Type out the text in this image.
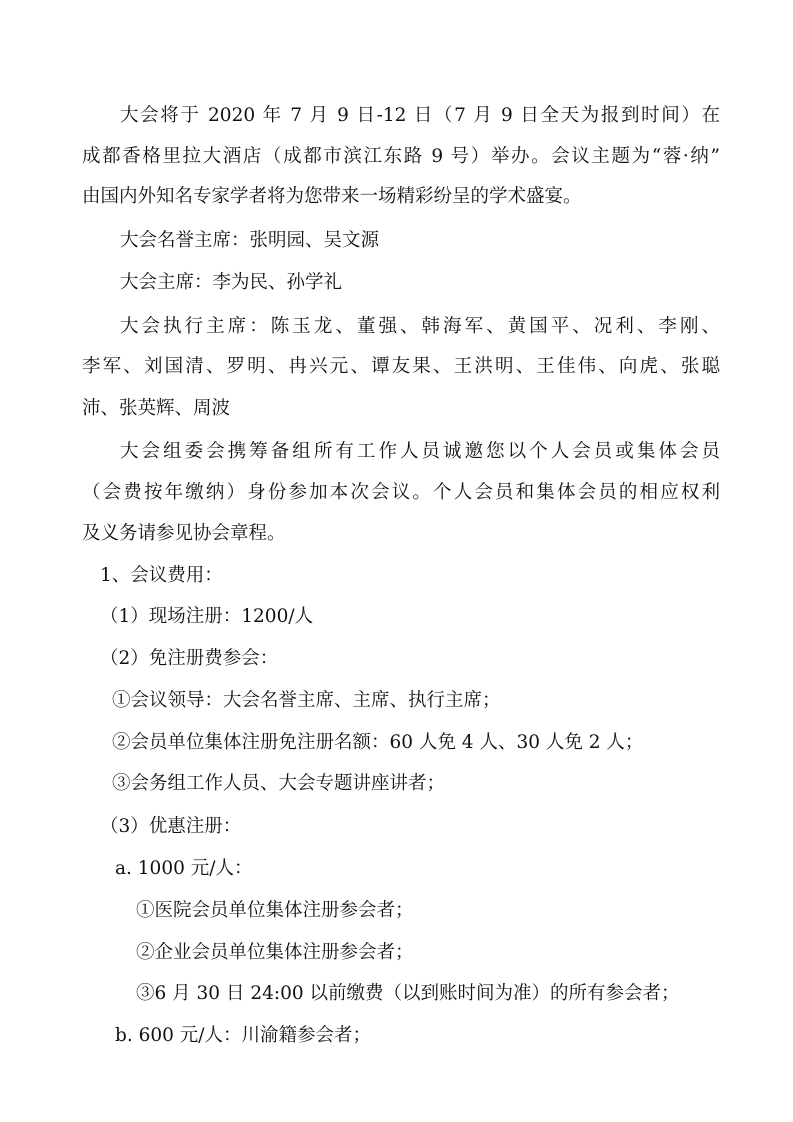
大会将于 2020 年 7 月 9 日-12 日（7 月 9 日全天为报到时间）在
成都香格里拉大酒店（成都市滨江东路 9 号）举办。会议主题为“蓉·纳”
由国内外知名专家学者将为您带来一场精彩纷呈的学术盛宴。
大会名誉主席：张明园、吴文源
大会主席：李为民、孙学礼
大会执行主席：陈玉龙、董强、韩海军、黄国平、况利、李刚、
李军、刘国清、罗明、冉兴元、谭友果、王洪明、王佳伟、向虎、张聪
沛、张英辉、周波
大会组委会携筹备组所有工作人员诚邀您以个人会员或集体会员
（会费按年缴纳）身份参加本次会议。个人会员和集体会员的相应权利
及义务请参见协会章程。
1、会议费用：
（1）现场注册：1200/人
（2）免注册费参会：
①会议领导：大会名誉主席、主席、执行主席；
②会员单位集体注册免注册名额：60 人免 4 人、30 人免 2 人；
③会务组工作人员、大会专题讲座讲者；
（3）优惠注册：
a. 1000 元/人：
①医院会员单位集体注册参会者；
②企业会员单位集体注册参会者；
③6 月 30 日 24:00 以前缴费（以到账时间为准）的所有参会者；
b. 600 元/人：川渝籍参会者；
